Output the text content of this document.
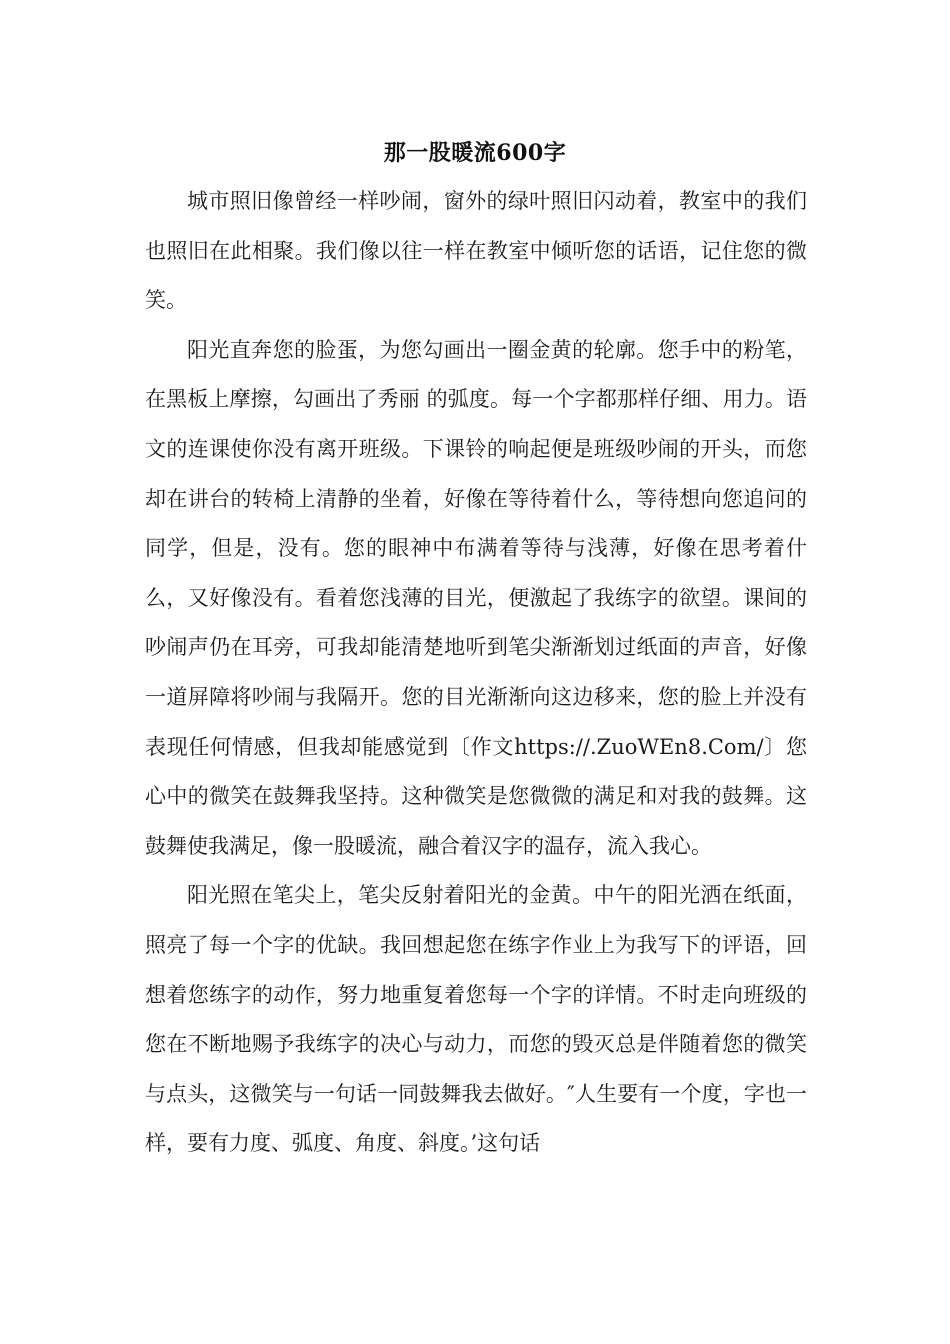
那一股暖流600字

城市照旧像曾经一样吵闹，窗外的绿叶照旧闪动着，教室中的我们也照旧在此相聚。我们像以往一样在教室中倾听您的话语，记住您的微笑。

阳光直奔您的脸蛋，为您勾画出一圈金黄的轮廓。您手中的粉笔，在黑板上摩擦，勾画出了秀丽 的弧度。每一个字都那样仔细、用力。语文的连课使你没有离开班级。下课铃的响起便是班级吵闹的开头，而您却在讲台的转椅上清静的坐着，好像在等待着什么，等待想向您追问的同学，但是，没有。您的眼神中布满着等待与浅薄，好像在思考着什么，又好像没有。看着您浅薄的目光，便激起了我练字的欲望。课间的吵闹声仍在耳旁，可我却能清楚地听到笔尖渐渐划过纸面的声音，好像一道屏障将吵闹与我隔开。您的目光渐渐向这边移来，您的脸上并没有表现任何情感，但我却能感觉到〔作文https://.ZuoWEn8.Com/〕您心中的微笑在鼓舞我坚持。这种微笑是您微微的满足和对我的鼓舞。这鼓舞使我满足，像一股暖流，融合着汉字的温存，流入我心。

阳光照在笔尖上，笔尖反射着阳光的金黄。中午的阳光洒在纸面，照亮了每一个字的优缺。我回想起您在练字作业上为我写下的评语，回想着您练字的动作，努力地重复着您每一个字的详情。不时走向班级的您在不断地赐予我练字的决心与动力，而您的毁灭总是伴随着您的微笑与点头，这微笑与一句话一同鼓舞我去做好。″人生要有一个度，字也一样，要有力度、弧度、角度、斜度。’这句话
